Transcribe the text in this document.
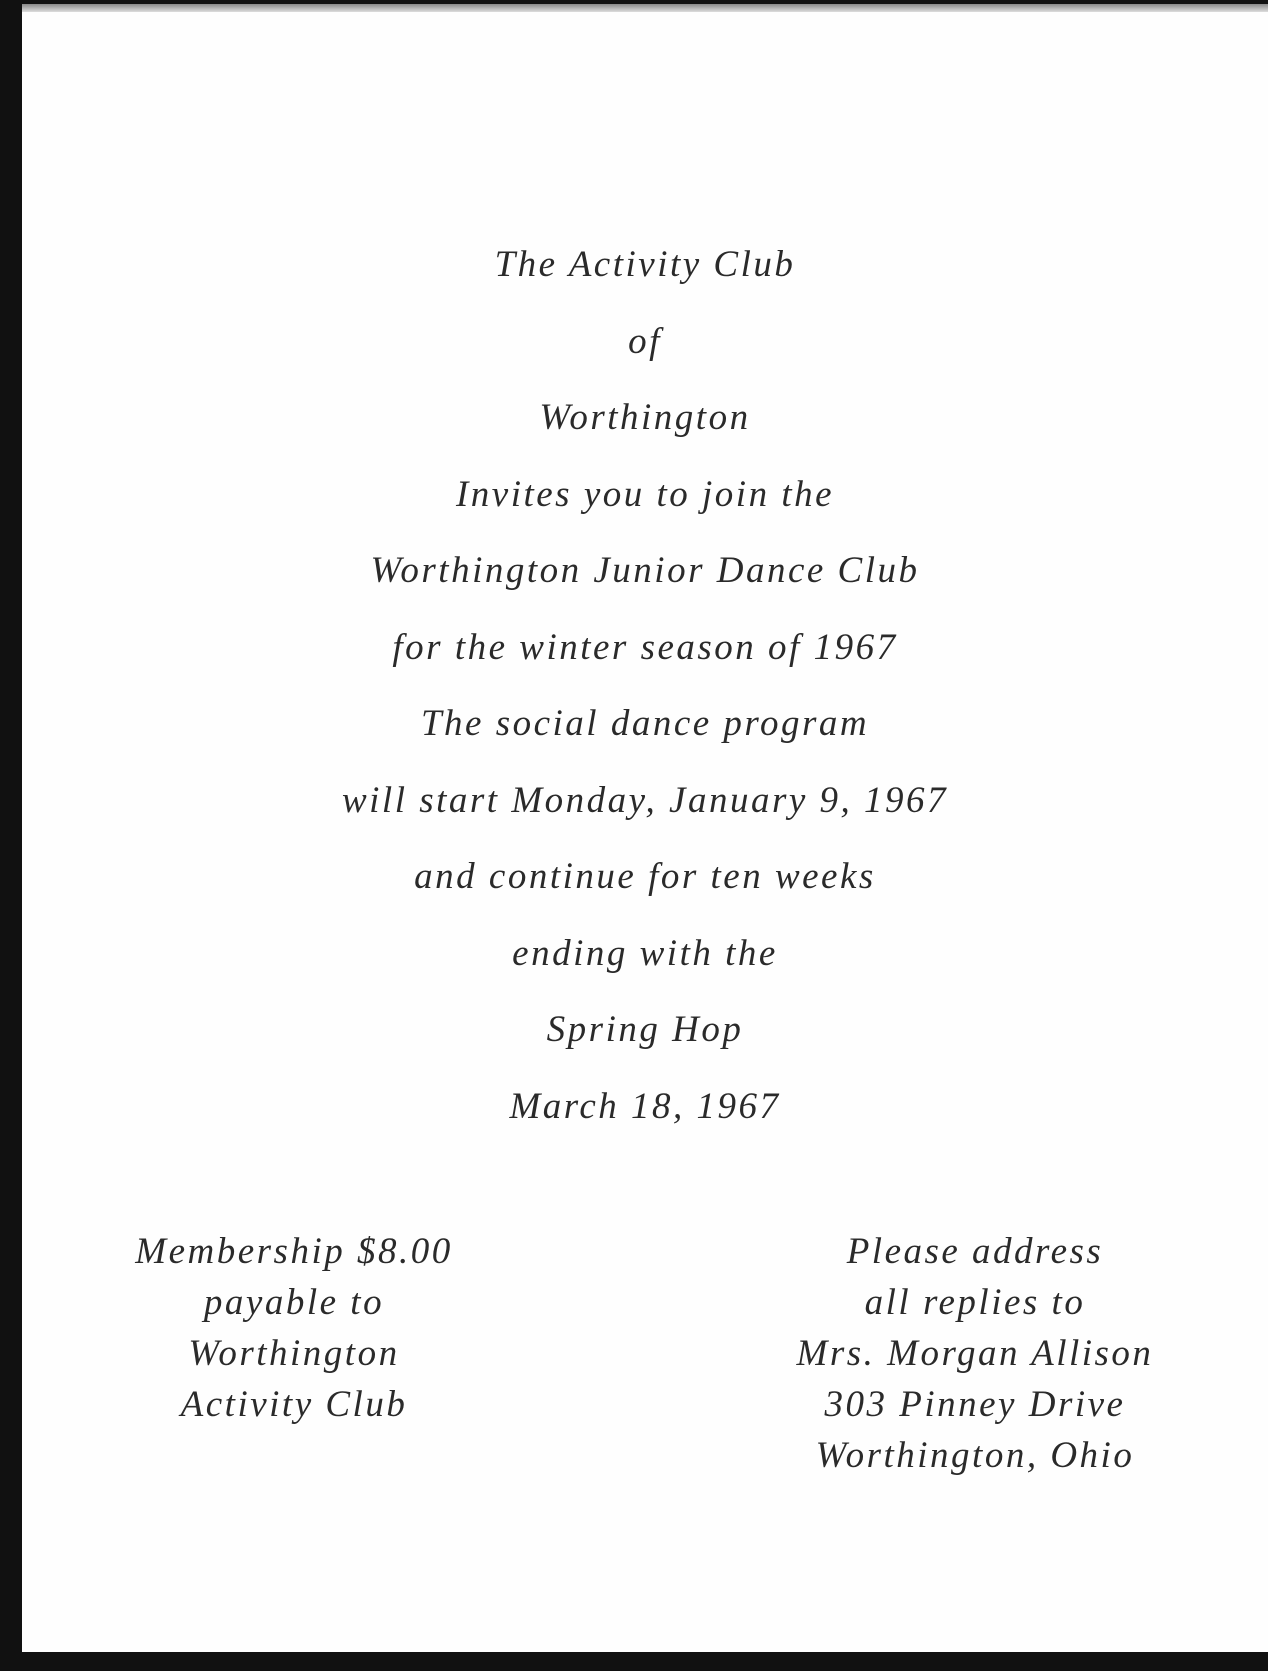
The Activity Club
of
Worthington
Invites you to join the
Worthington Junior Dance Club
for the winter season of 1967
The social dance program
will start Monday, January 9, 1967
and continue for ten weeks
ending with the
Spring Hop
March 18, 1967
Membership $8.00
payable to
Worthington
Activity Club
Please address
all replies to
Mrs. Morgan Allison
303 Pinney Drive
Worthington, Ohio
